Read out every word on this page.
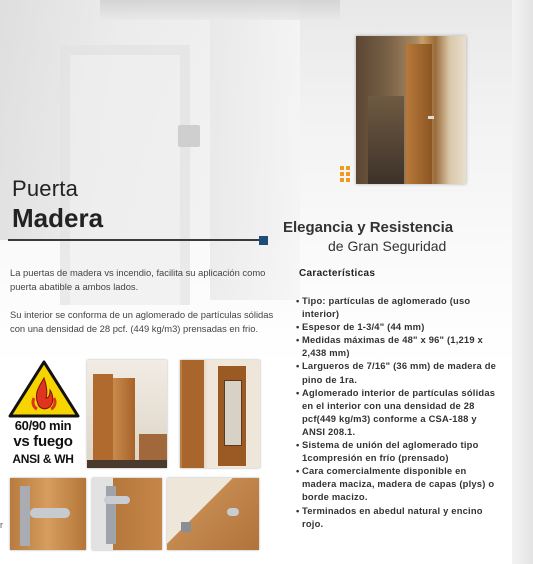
Puerta
Madera	Elegancia y Resistencia
de Gran Seguridad

La puertas de madera vs incendio, facilita su aplicación como puerta abatible a ambos lados.

Su interior se conforma de un aglomerado de partículas sólidas con una densidad de 28 pcf. (449 kg/m3) prensadas en frio.

Características
• Tipo: partículas de aglomerado (uso interior)
• Espesor de 1-3/4" (44 mm)
• Medidas máximas de 48" x 96" (1,219 x 2,438 mm)
• Largueros de 7/16" (36 mm) de madera de pino de 1ra.
• Aglomerado interior de partículas sólidas en el interior con una densidad de 28 pcf(449 kg/m3) conforme a CSA-188 y ANSI 208.1.
• Sistema de unión del aglomerado tipo 1compresión en frío (prensado)
• Cara comercialmente disponible en madera maciza, madera de capas (plys) o borde macizo.
• Terminados en abedul natural y encino rojo.
60/90 min
vs fuego
ANSI & WH
r
